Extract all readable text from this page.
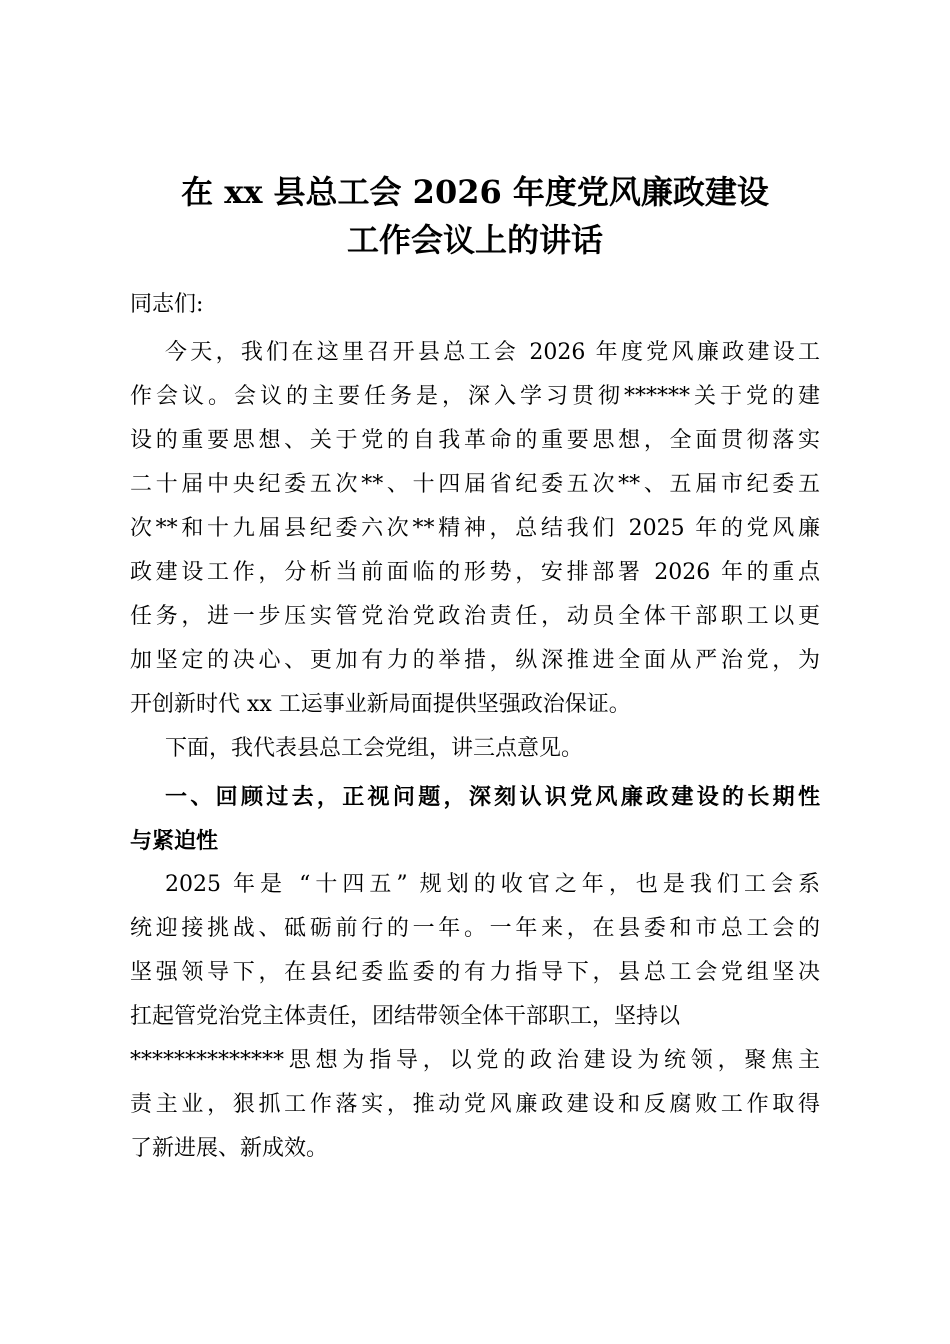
在 xx 县总工会 2026 年度党风廉政建设
工作会议上的讲话
同志们:
今天，我们在这里召开县总工会 2026 年度党风廉政建设工
作会议。会议的主要任务是，深入学习贯彻******关于党的建
设的重要思想、关于党的自我革命的重要思想，全面贯彻落实
二十届中央纪委五次**、十四届省纪委五次**、五届市纪委五
次**和十九届县纪委六次**精神，总结我们 2025 年的党风廉
政建设工作，分析当前面临的形势，安排部署 2026 年的重点
任务，进一步压实管党治党政治责任，动员全体干部职工以更
加坚定的决心、更加有力的举措，纵深推进全面从严治党，为
开创新时代 xx 工运事业新局面提供坚强政治保证。
下面，我代表县总工会党组，讲三点意见。
一、回顾过去，正视问题，深刻认识党风廉政建设的长期性
与紧迫性
2025 年是 “十四五” 规划的收官之年，也是我们工会系
统迎接挑战、砥砺前行的一年。一年来，在县委和市总工会的
坚强领导下，在县纪委监委的有力指导下，县总工会党组坚决
扛起管党治党主体责任，团结带领全体干部职工，坚持以
**************思想为指导，以党的政治建设为统领，聚焦主
责主业，狠抓工作落实，推动党风廉政建设和反腐败工作取得
了新进展、新成效。
